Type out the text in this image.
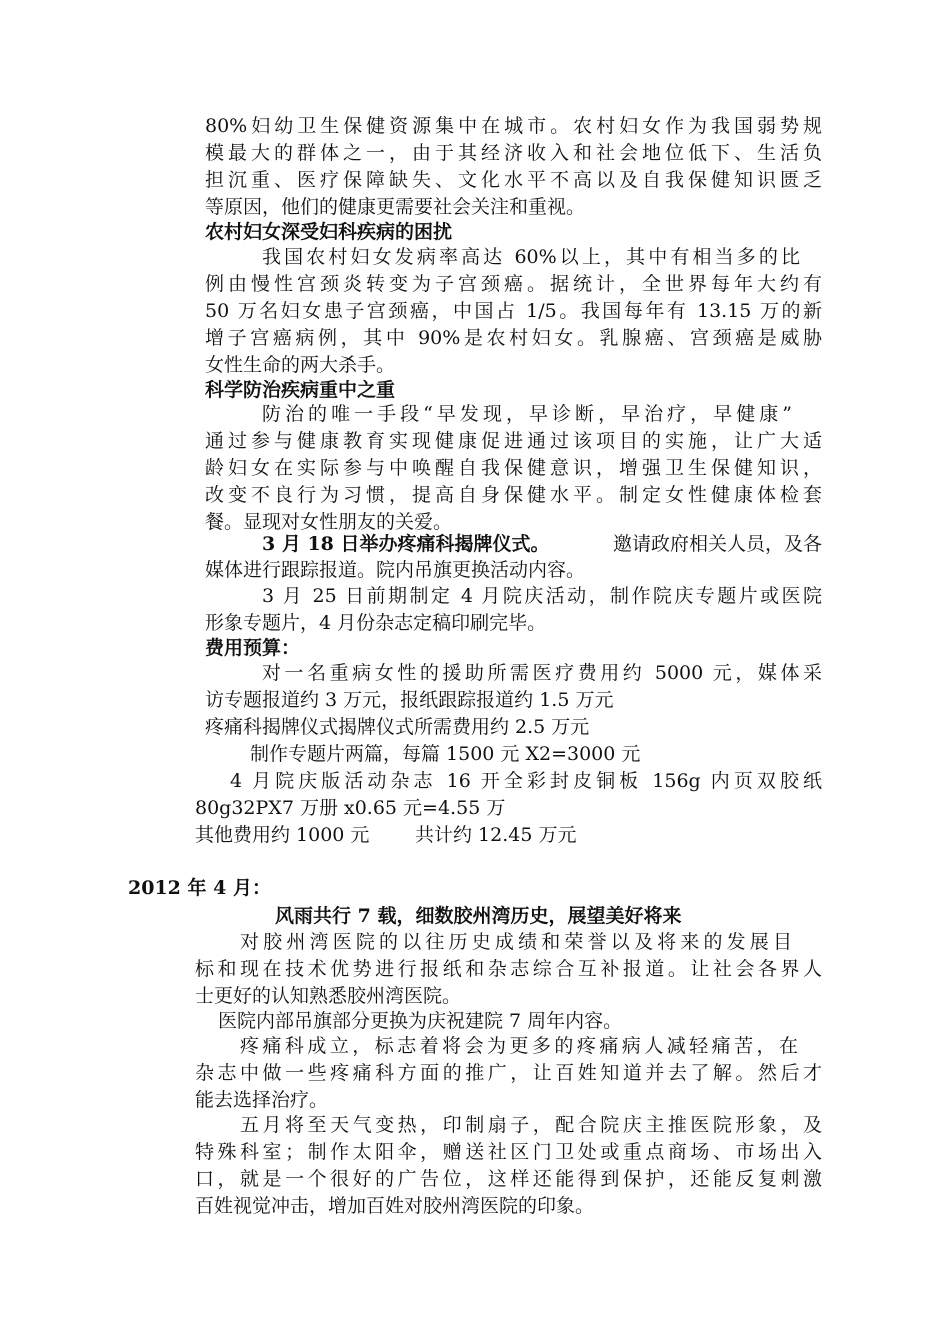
80%妇幼卫生保健资源集中在城市。农村妇女作为我国弱势规
模最大的群体之一，由于其经济收入和社会地位低下、生活负
担沉重、医疗保障缺失、文化水平不高以及自我保健知识匮乏
等原因，他们的健康更需要社会关注和重视。
农村妇女深受妇科疾病的困扰
我国农村妇女发病率高达 60%以上，其中有相当多的比
例由慢性宫颈炎转变为子宫颈癌。据统计，全世界每年大约有
50 万名妇女患子宫颈癌，中国占 1/5。我国每年有 13.15 万的新
增子宫癌病例，其中 90%是农村妇女。乳腺癌、宫颈癌是威胁
女性生命的两大杀手。
科学防治疾病重中之重
防治的唯一手段“早发现，早诊断，早治疗，早健康”
通过参与健康教育实现健康促进通过该项目的实施，让广大适
龄妇女在实际参与中唤醒自我保健意识，增强卫生保健知识，
改变不良行为习惯，提高自身保健水平。制定女性健康体检套
餐。显现对女性朋友的关爱。
3 月 18 日举办疼痛科揭牌仪式。	邀请政府相关人员，及各
媒体进行跟踪报道。院内吊旗更换活动内容。
3 月 25 日前期制定 4 月院庆活动，制作院庆专题片或医院
形象专题片，4 月份杂志定稿印刷完毕。
费用预算：
对一名重病女性的援助所需医疗费用约 5000 元，媒体采
访专题报道约 3 万元，报纸跟踪报道约 1.5 万元
疼痛科揭牌仪式揭牌仪式所需费用约 2.5 万元
制作专题片两篇，每篇 1500 元 X2=3000 元
4 月院庆版活动杂志 16 开全彩封皮铜板 156g 内页双胶纸
80g32PX7 万册 x0.65 元=4.55 万
其他费用约 1000 元 共计约 12.45 万元
2012 年 4 月：
风雨共行 7 载，细数胶州湾历史，展望美好将来
对胶州湾医院的以往历史成绩和荣誉以及将来的发展目
标和现在技术优势进行报纸和杂志综合互补报道。让社会各界人
士更好的认知熟悉胶州湾医院。
医院内部吊旗部分更换为庆祝建院 7 周年内容。
疼痛科成立，标志着将会为更多的疼痛病人减轻痛苦，在
杂志中做一些疼痛科方面的推广，让百姓知道并去了解。然后才
能去选择治疗。
五月将至天气变热，印制扇子，配合院庆主推医院形象，及
特殊科室；制作太阳伞，赠送社区门卫处或重点商场、市场出入
口，就是一个很好的广告位，这样还能得到保护，还能反复刺激
百姓视觉冲击，增加百姓对胶州湾医院的印象。
